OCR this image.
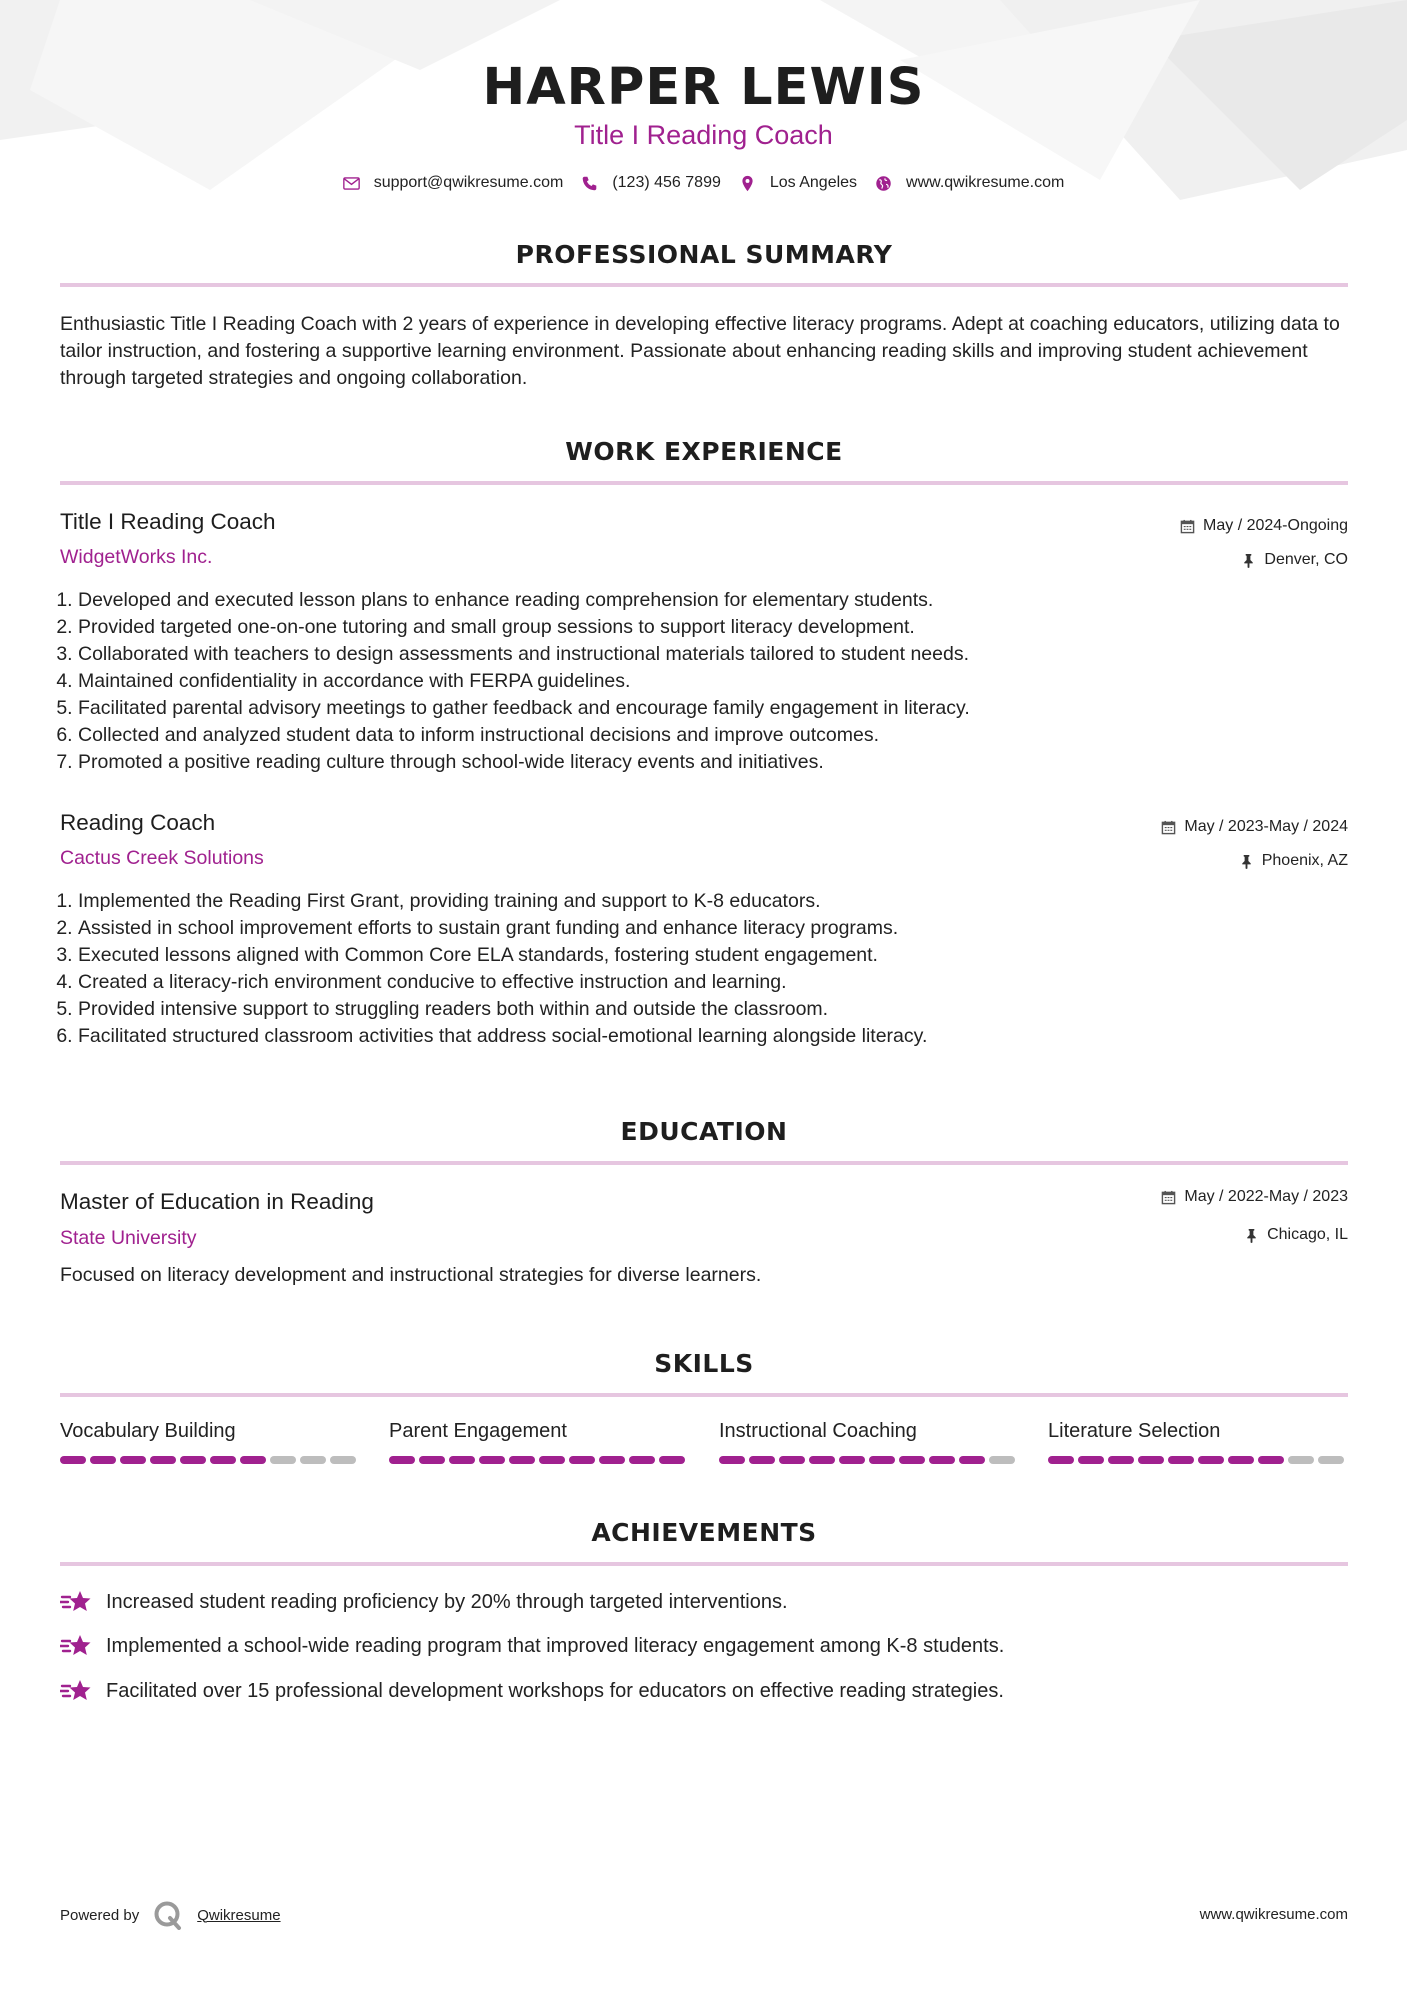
HARPER LEWIS
Title I Reading Coach
support@qwikresume.com	(123) 456 7899	Los Angeles	www.qwikresume.com
PROFESSIONAL SUMMARY
Enthusiastic Title I Reading Coach with 2 years of experience in developing effective literacy programs. Adept at coaching educators, utilizing data to tailor instruction, and fostering a supportive learning environment. Passionate about enhancing reading skills and improving student achievement through targeted strategies and ongoing collaboration.
WORK EXPERIENCE
Title I Reading Coach
WidgetWorks Inc.
May / 2024-Ongoing
Denver, CO
1. Developed and executed lesson plans to enhance reading comprehension for elementary students.
2. Provided targeted one-on-one tutoring and small group sessions to support literacy development.
3. Collaborated with teachers to design assessments and instructional materials tailored to student needs.
4. Maintained confidentiality in accordance with FERPA guidelines.
5. Facilitated parental advisory meetings to gather feedback and encourage family engagement in literacy.
6. Collected and analyzed student data to inform instructional decisions and improve outcomes.
7. Promoted a positive reading culture through school-wide literacy events and initiatives.
Reading Coach
Cactus Creek Solutions
May / 2023-May / 2024
Phoenix, AZ
1. Implemented the Reading First Grant, providing training and support to K-8 educators.
2. Assisted in school improvement efforts to sustain grant funding and enhance literacy programs.
3. Executed lessons aligned with Common Core ELA standards, fostering student engagement.
4. Created a literacy-rich environment conducive to effective instruction and learning.
5. Provided intensive support to struggling readers both within and outside the classroom.
6. Facilitated structured classroom activities that address social-emotional learning alongside literacy.
EDUCATION
Master of Education in Reading
State University
May / 2022-May / 2023
Chicago, IL
Focused on literacy development and instructional strategies for diverse learners.
SKILLS
Vocabulary Building	Parent Engagement	Instructional Coaching	Literature Selection
ACHIEVEMENTS
Increased student reading proficiency by 20% through targeted interventions.
Implemented a school-wide reading program that improved literacy engagement among K-8 students.
Facilitated over 15 professional development workshops for educators on effective reading strategies.
Powered by	Qwikresume	www.qwikresume.com
